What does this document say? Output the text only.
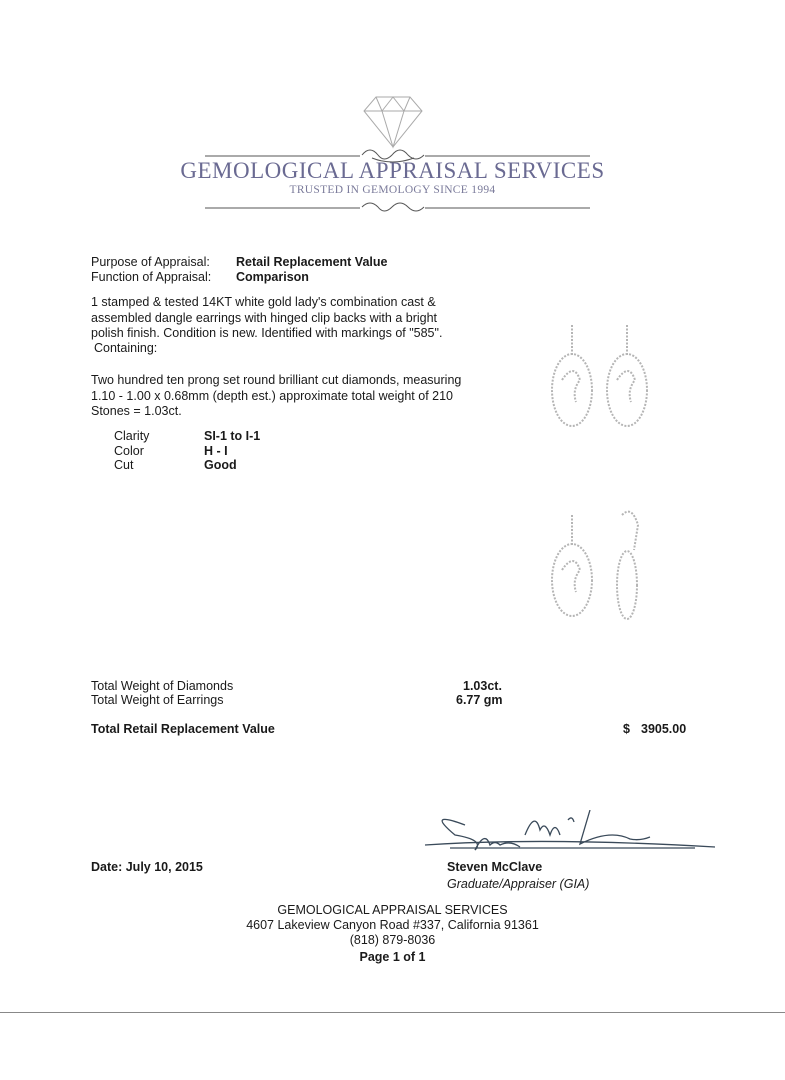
GEMOLOGICAL APPRAISAL SERVICES
TRUSTED IN GEMOLOGY SINCE 1994
Purpose of Appraisal: Retail Replacement Value
Function of Appraisal: Comparison
1 stamped & tested 14KT white gold lady's combination cast & assembled dangle earrings with hinged clip backs with a bright polish finish. Condition is new. Identified with markings of "585".
Containing:
Two hundred ten prong set round brilliant cut diamonds, measuring 1.10 - 1.00 x 0.68mm (depth est.) approximate total weight of 210 Stones = 1.03ct.
Clarity	SI-1 to I-1
Color	H - I
Cut	Good
Total Weight of Diamonds	1.03ct.
Total Weight of Earrings	6.77 gm
Total Retail Replacement Value	$ 3905.00
Date: July 10, 2015	Steven McClave
Graduate/Appraiser (GIA)
GEMOLOGICAL APPRAISAL SERVICES
4607 Lakeview Canyon Road #337, California 91361
(818) 879-8036
Page 1 of 1
